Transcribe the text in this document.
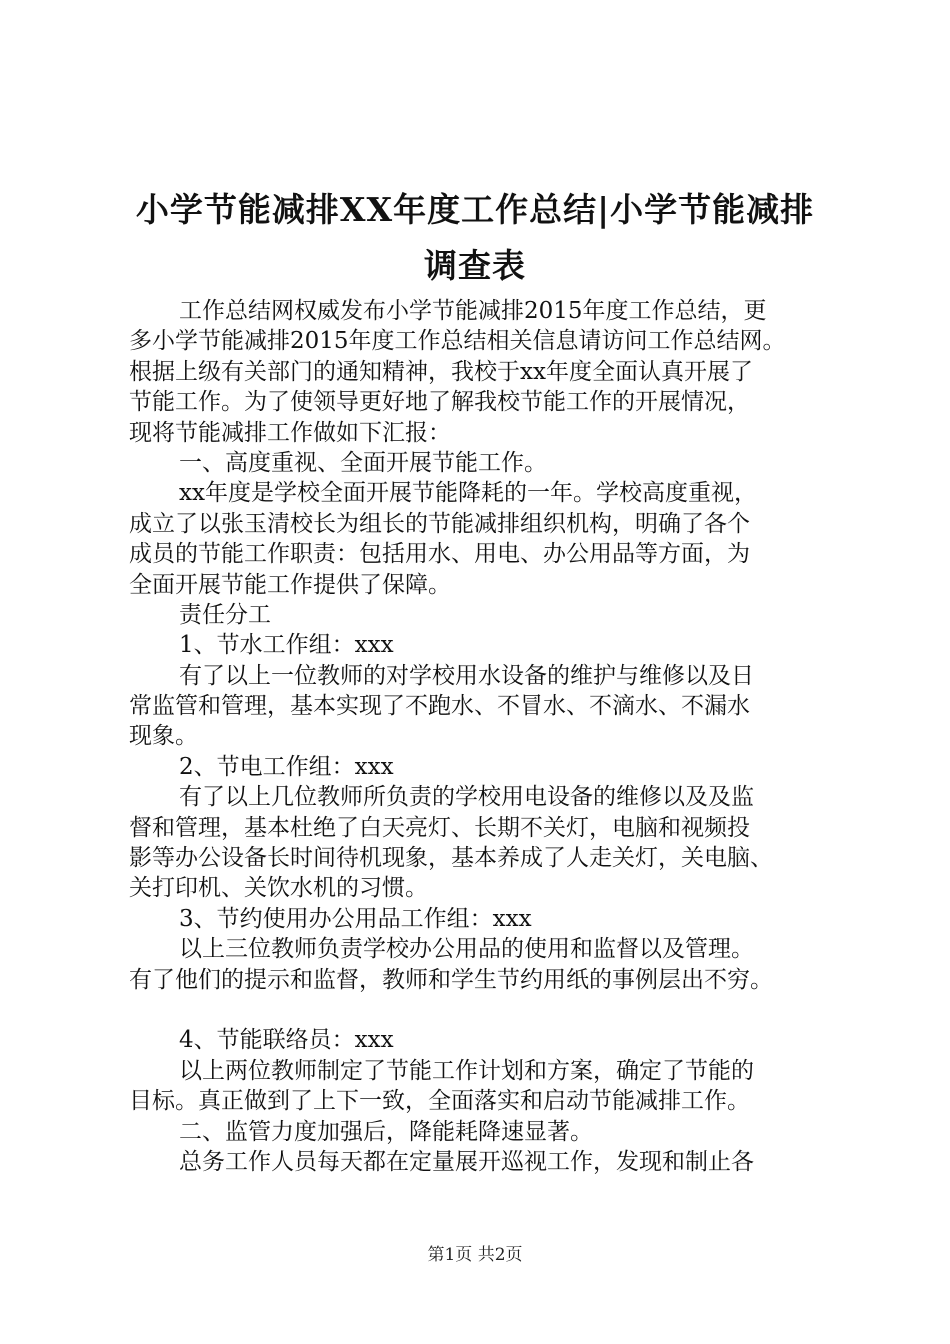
小学节能减排XX年度工作总结|小学节能减排
调查表
工作总结网权威发布小学节能减排2015年度工作总结，更
多小学节能减排2015年度工作总结相关信息请访问工作总结网。
根据上级有关部门的通知精神，我校于xx年度全面认真开展了
节能工作。为了使领导更好地了解我校节能工作的开展情况，
现将节能减排工作做如下汇报：
一、高度重视、全面开展节能工作。
xx年度是学校全面开展节能降耗的一年。学校高度重视，
成立了以张玉清校长为组长的节能减排组织机构，明确了各个
成员的节能工作职责：包括用水、用电、办公用品等方面，为
全面开展节能工作提供了保障。
责任分工
1、节水工作组：xxx
有了以上一位教师的对学校用水设备的维护与维修以及日
常监管和管理，基本实现了不跑水、不冒水、不滴水、不漏水
现象。
2、节电工作组：xxx
有了以上几位教师所负责的学校用电设备的维修以及及监
督和管理，基本杜绝了白天亮灯、长期不关灯，电脑和视频投
影等办公设备长时间待机现象，基本养成了人走关灯，关电脑、
关打印机、关饮水机的习惯。
3、节约使用办公用品工作组：xxx
以上三位教师负责学校办公用品的使用和监督以及管理。
有了他们的提示和监督，教师和学生节约用纸的事例层出不穷。
4、节能联络员：xxx
以上两位教师制定了节能工作计划和方案，确定了节能的
目标。真正做到了上下一致，全面落实和启动节能减排工作。
二、监管力度加强后，降能耗降速显著。
总务工作人员每天都在定量展开巡视工作，发现和制止各
第1页 共2页
